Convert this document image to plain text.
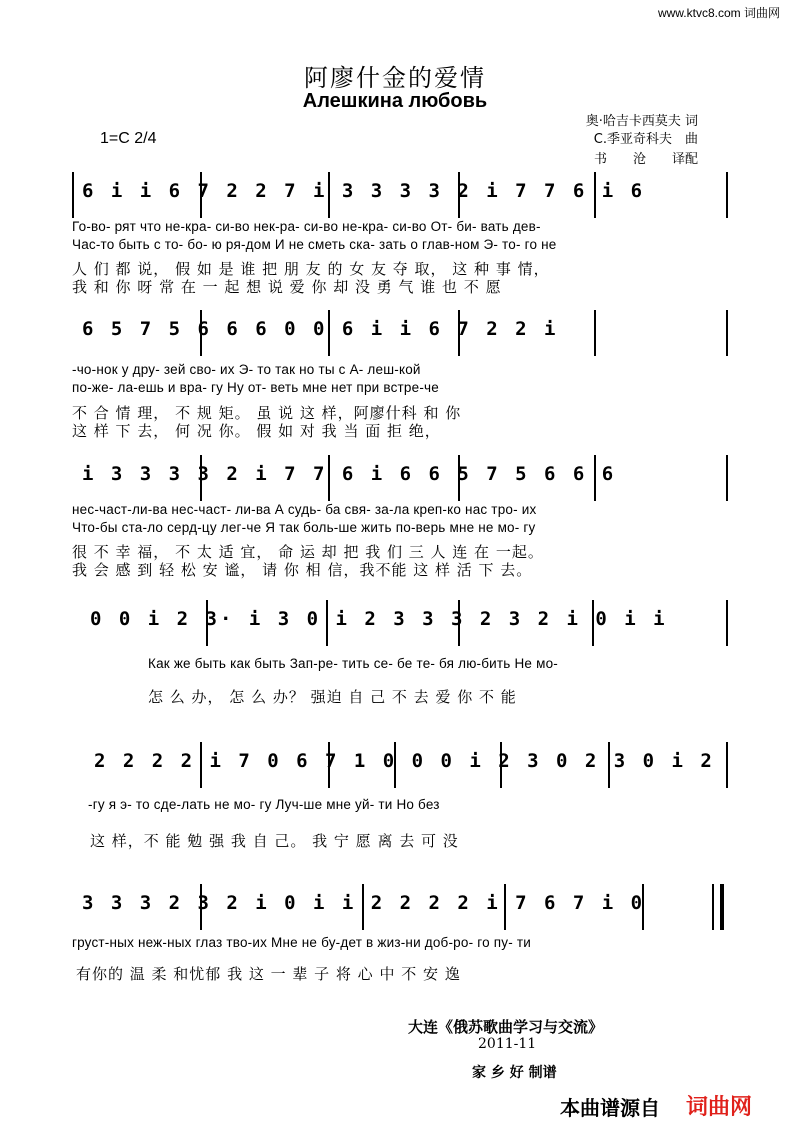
www.ktvc8.com 词曲网
阿廖什金的爱情
Алешкина любовь
奥·哈吉卡西莫夫 词
C.季亚奇科夫　曲
书　　沧　　译配
1=C 2/4
6 i i 6 7 2 2 7 i 3 3 3 3 2 i 7 7 6 i 6
Го-во- рят что не-кра- си-во нек-ра- си-во не-кра- си-во От- би- вать дев-
Час-то быть с то- бо- ю ря-дом И не сметь ска- зать о глав-ном Э- то- го не
人 们 都 说， 假 如 是 谁 把 朋 友 的 女 友 夺 取， 这 种 事 情，
我 和 你 呀 常 在 一 起 想 说 爱 你 却 没 勇 气 谁 也 不 愿
6 5 7 5 6 6 6 0 0 6 i i 6 7 2 2 i
-чо-нок у дру- зей сво- их Э- то так но ты с А- леш-кой
по-же- ла-ешь и вра- гу Ну от- веть мне нет при встре-че
不 合 情 理， 不 规 矩。 虽 说 这 样，阿廖什科 和 你
这 样 下 去， 何 况 你。 假 如 对 我 当 面 拒 绝，
i 3 3 3 3 2 i 7 7 6 i 6 6 5 7 5 6 6 6
нес-част-ли-ва нес-част- ли-ва А судь- ба свя- за-ла креп-ко нас тро- их
Что-бы ста-ло серд-цу лег-че Я так боль-ше жить по-верь мне не мо- гу
很 不 幸 福， 不 太 适 宜， 命 运 却 把 我 们 三 人 连 在 一起。
我 会 感 到 轻 松 安 谧， 请 你 相 信，我不能 这 样 活 下 去。
0 0 i 2 3· i 3 0 i 2 3 3 3 2 3 2 i 0 i i
Как же быть как быть Зап-ре- тить се- бе те- бя лю-бить Не мо-
怎 么 办， 怎 么 办？ 强迫 自 己 不 去 爱 你 不 能
2 2 2 2 i 7 0 6 7 1 0 0 0 i 2 3 0 2 3 0 i 2
-гу я э- то сде-лать не мо- гу Луч-ше мне уй- ти Но без
这 样，不 能 勉 强 我 自 己。 我 宁 愿 离 去 可 没
3 3 3 2 3 2 i 0 i i 2 2 2 2 i 7 6 7 i 0
груст-ных неж-ных глаз тво-их Мне не бу-дет в жиз-ни доб-ро- го пу- ти
有你的 温 柔 和忧郁 我 这 一 辈 子 将 心 中 不 安 逸
大连《俄苏歌曲学习与交流》
2011-11
家 乡 好 制谱
本曲谱源自 词曲网
